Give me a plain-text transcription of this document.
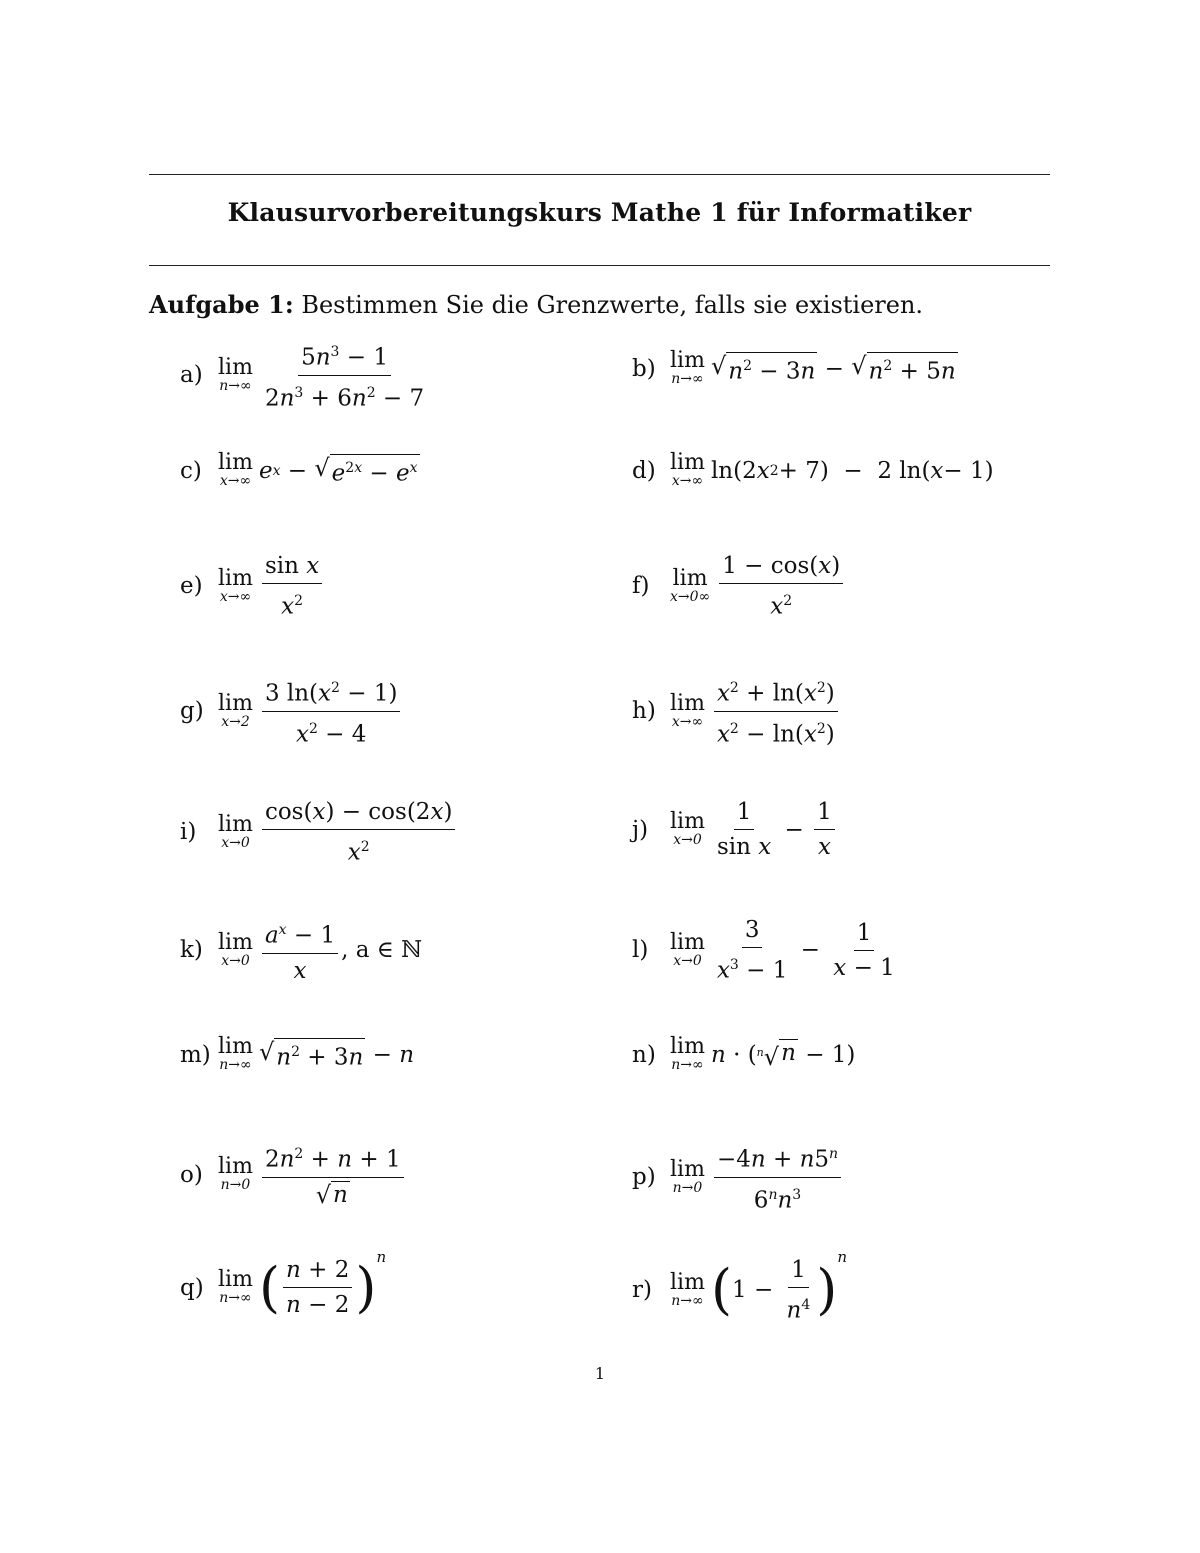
Klausurvorbereitungskurs Mathe 1 für Informatiker
Aufgabe 1: Bestimmen Sie die Grenzwerte, falls sie existieren.
a) lim
$n\to\infty \frac{5n^3 - 1}{2n^3 + 6n^2 - 7}$	b) lim
n→∞ √ $n^2 - 3n$ − √ $n^2 + 5n$
c) lim
x→∞ e x − √ $e^{2x} - e^x$	d) lim
x→∞ ln(2 x 2 + 7)  −  2 ln( x − 1)
e) lim
$x\to\infty \frac{\text{sin x}}{x^2}$	f)	lim
$x\to 0\infty \frac{1 - \cos(x)}{x^2}$
g) lim
$x\to 2 \frac{3 \ln(x^2 - 1)}{x^2 - 4}$	h) lim
$x\to\infty \frac{x^2 + \ln(x^2)}{x^2 - \ln(x^2)}$
i) lim
$x\to 0 \frac{\cos(x) - \cos(2x)}{x^2}$	j) lim
$x\to 0 \frac{1}{\text{sin x}} - \frac{1}{x}$
k) lim
$x\to 0 \frac{a^x - 1}{x}$ , a ∈ ℕ	l) lim
$x\to 0 \frac{3}{x^3 - 1} - \frac{1}{x - 1}$
m) lim
n→∞ √ $n^2 + 3n - n$	n) lim
n→∞ n · ( $^n$√ n − 1)
o) lim
$n\to 0 \frac{2n^2 + n + 1}{√ n}$	p) lim
$n\to 0 \frac{-4n + n5^n}{6^nn^3}$
q) lim
n→∞ ( $\frac{n + 2}{n - 2}$ ) n
r) lim
n→∞ ( $1 - \frac{1}{n^4}$ )
n
1
